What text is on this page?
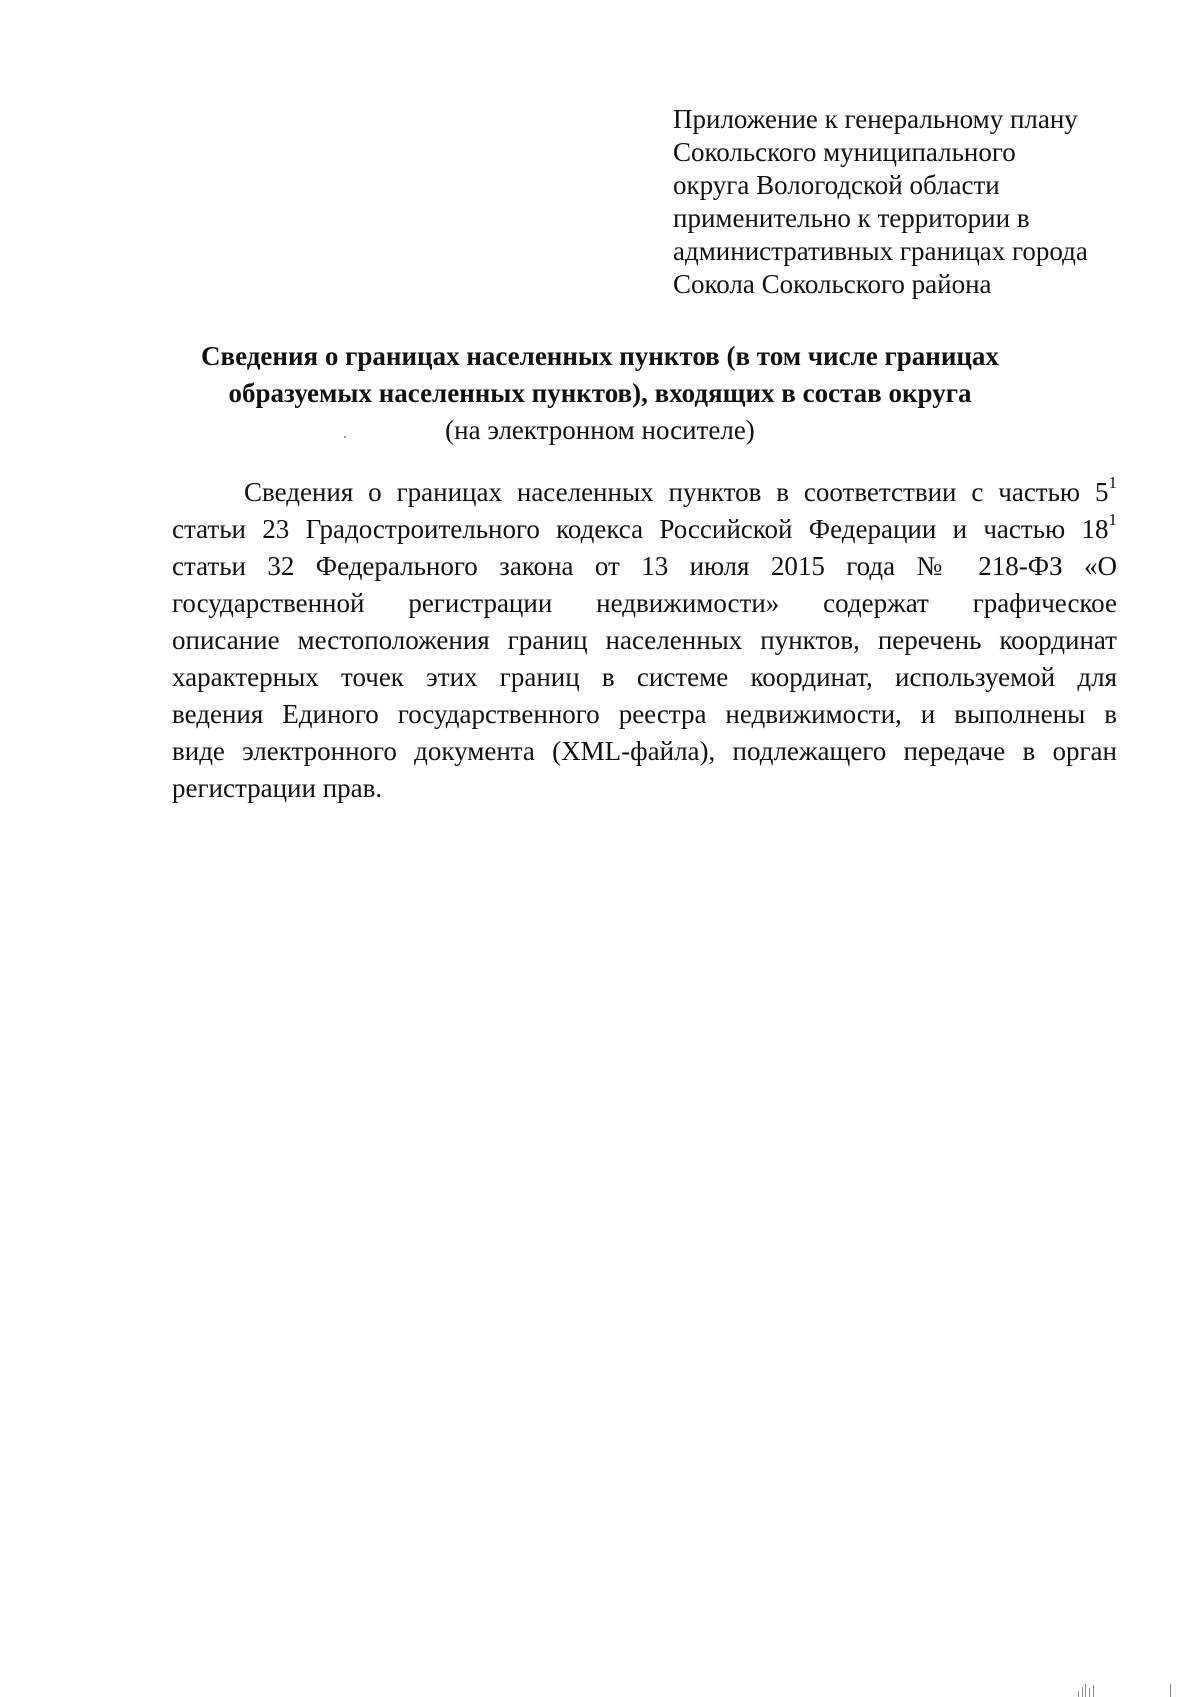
Приложение к генеральному плану
Сокольского муниципального
округа Вологодской области
применительно к территории в
административных границах города
Сокола Сокольского района
Сведения о границах населенных пунктов (в том числе границах
образуемых населенных пунктов), входящих в состав округа
(на электронном носителе)
Сведения о границах населенных пунктов в соответствии с частью 5$^1$
статьи 23 Градостроительного кодекса Российской Федерации и частью 18$^1$
статьи 32 Федерального закона от 13 июля 2015 года № 218-ФЗ «О
государственной регистрации недвижимости» содержат графическое
описание местоположения границ населенных пунктов, перечень координат
характерных точек этих границ в системе координат, используемой для
ведения Единого государственного реестра недвижимости, и выполнены в
виде электронного документа (XML-файла), подлежащего передаче в орган
регистрации прав.
